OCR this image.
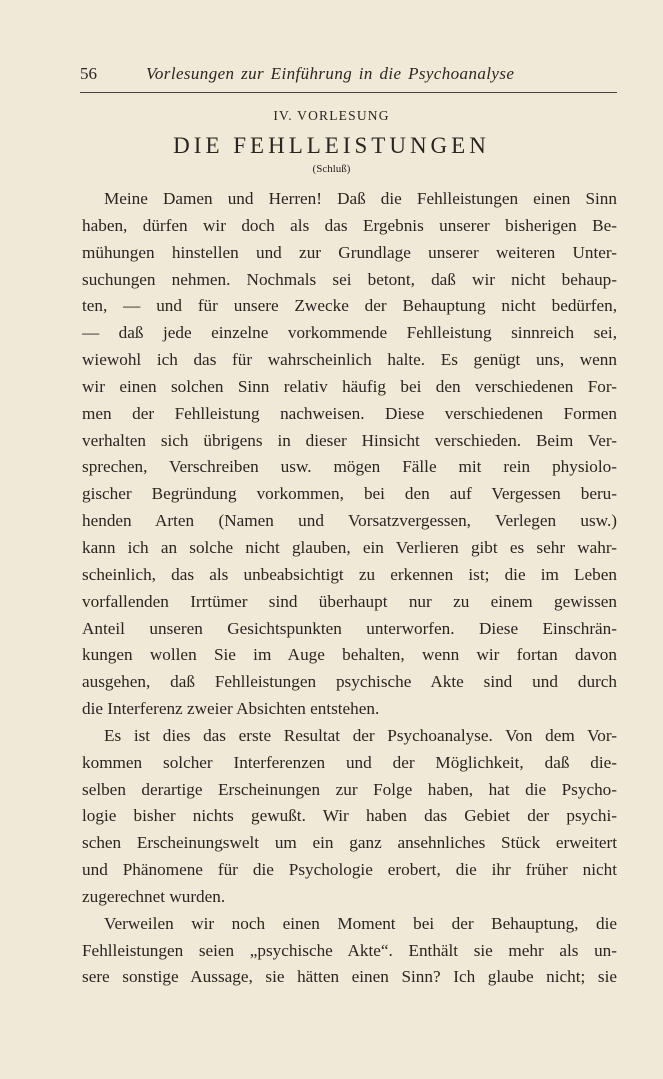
56	Vorlesungen zur Einführung in die Psychoanalyse
IV. VORLESUNG
DIE FEHLLEISTUNGEN
(Schluß)
Meine Damen und Herren! Daß die Fehlleistungen einen Sinn
haben, dürfen wir doch als das Ergebnis unserer bisherigen Be-
mühungen hinstellen und zur Grundlage unserer weiteren Unter-
suchungen nehmen. Nochmals sei betont, daß wir nicht behaup-
ten, — und für unsere Zwecke der Behauptung nicht bedürfen,
— daß jede einzelne vorkommende Fehlleistung sinnreich sei,
wiewohl ich das für wahrscheinlich halte. Es genügt uns, wenn
wir einen solchen Sinn relativ häufig bei den verschiedenen For-
men der Fehlleistung nachweisen. Diese verschiedenen Formen
verhalten sich übrigens in dieser Hinsicht verschieden. Beim Ver-
sprechen, Verschreiben usw. mögen Fälle mit rein physiolo-
gischer Begründung vorkommen, bei den auf Vergessen beru-
henden Arten (Namen und Vorsatzvergessen, Verlegen usw.)
kann ich an solche nicht glauben, ein Verlieren gibt es sehr wahr-
scheinlich, das als unbeabsichtigt zu erkennen ist; die im Leben
vorfallenden Irrtümer sind überhaupt nur zu einem gewissen
Anteil unseren Gesichtspunkten unterworfen. Diese Einschrän-
kungen wollen Sie im Auge behalten, wenn wir fortan davon
ausgehen, daß Fehlleistungen psychische Akte sind und durch
die Interferenz zweier Absichten entstehen.
Es ist dies das erste Resultat der Psychoanalyse. Von dem Vor-
kommen solcher Interferenzen und der Möglichkeit, daß die-
selben derartige Erscheinungen zur Folge haben, hat die Psycho-
logie bisher nichts gewußt. Wir haben das Gebiet der psychi-
schen Erscheinungswelt um ein ganz ansehnliches Stück erweitert
und Phänomene für die Psychologie erobert, die ihr früher nicht
zugerechnet wurden.
Verweilen wir noch einen Moment bei der Behauptung, die
Fehlleistungen seien „psychische Akte“. Enthält sie mehr als un-
sere sonstige Aussage, sie hätten einen Sinn? Ich glaube nicht; sie
